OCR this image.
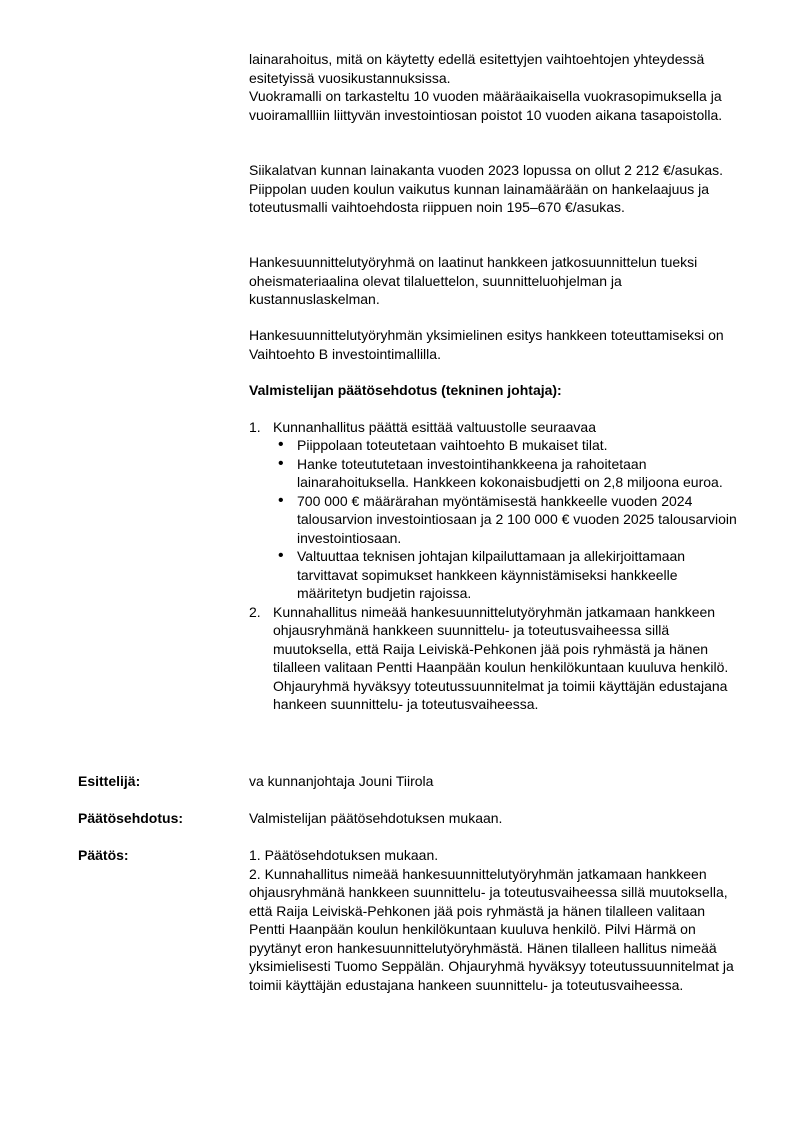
lainarahoitus, mitä on käytetty edellä esitettyjen vaihtoehtojen yhteydessä esitetyissä vuosikustannuksissa.

Vuokramalli on tarkasteltu 10 vuoden määräaikaisella vuokrasopimuksella ja vuoiramallliin liittyvän investointiosan poistot 10 vuoden aikana tasapoistolla.

Siikalatvan kunnan lainakanta vuoden 2023 lopussa on ollut 2 212 €/asukas. Piippolan uuden koulun vaikutus kunnan lainamäärään on hankelaajuus ja toteutusmalli vaihtoehdosta riippuen noin 195–670 €/asukas.

Hankesuunnittelutyöryhmä on laatinut hankkeen jatkosuunnittelun tueksi oheismateriaalina olevat tilaluettelon, suunnitteluohjelman ja kustannuslaskelman.

Hankesuunnittelutyöryhmän yksimielinen esitys hankkeen toteuttamiseksi on Vaihtoehto B investointimallilla.

Valmistelijan päätösehdotus (tekninen johtaja):

1. Kunnanhallitus päättä esittää valtuustolle seuraavaa
• Piippolaan toteutetaan vaihtoehto B mukaiset tilat.
• Hanke toteututetaan investointihankkeena ja rahoitetaan lainarahoituksella. Hankkeen kokonaisbudjetti on 2,8 miljoona euroa.
• 700 000 € määrärahan myöntämisestä hankkeelle vuoden 2024 talousarvion investointiosaan ja 2 100 000 € vuoden 2025 talousarvioin investointiosaan.
• Valtuuttaa teknisen johtajan kilpailuttamaan ja allekirjoittamaan tarvittavat sopimukset hankkeen käynnistämiseksi hankkeelle määritetyn budjetin rajoissa.
2. Kunnahallitus nimeää hankesuunnittelutyöryhmän jatkamaan hankkeen ohjausryhmänä hankkeen suunnittelu- ja toteutusvaiheessa sillä muutoksella, että Raija Leiviskä-Pehkonen jää pois ryhmästä ja hänen tilalleen valitaan Pentti Haanpään koulun henkilökuntaan kuuluva henkilö. Ohjauryhmä hyväksyy toteutussuunnitelmat ja toimii käyttäjän edustajana hankeen suunnittelu- ja toteutusvaiheessa.
Esittelijä:	va kunnanjohtaja Jouni Tiirola
Päätösehdotus:	Valmistelijan päätösehdotuksen mukaan.
Päätös:	1. Päätösehdotuksen mukaan.

2. Kunnahallitus nimeää hankesuunnittelutyöryhmän jatkamaan hankkeen ohjausryhmänä hankkeen suunnittelu- ja toteutusvaiheessa sillä muutoksella, että Raija Leiviskä-Pehkonen jää pois ryhmästä ja hänen tilalleen valitaan Pentti Haanpään koulun henkilökuntaan kuuluva henkilö. Pilvi Härmä on pyytänyt eron hankesuunnittelutyöryhmästä. Hänen tilalleen hallitus nimeää yksimielisesti Tuomo Seppälän. Ohjauryhmä hyväksyy toteutussuunnitelmat ja toimii käyttäjän edustajana hankeen suunnittelu- ja toteutusvaiheessa.
